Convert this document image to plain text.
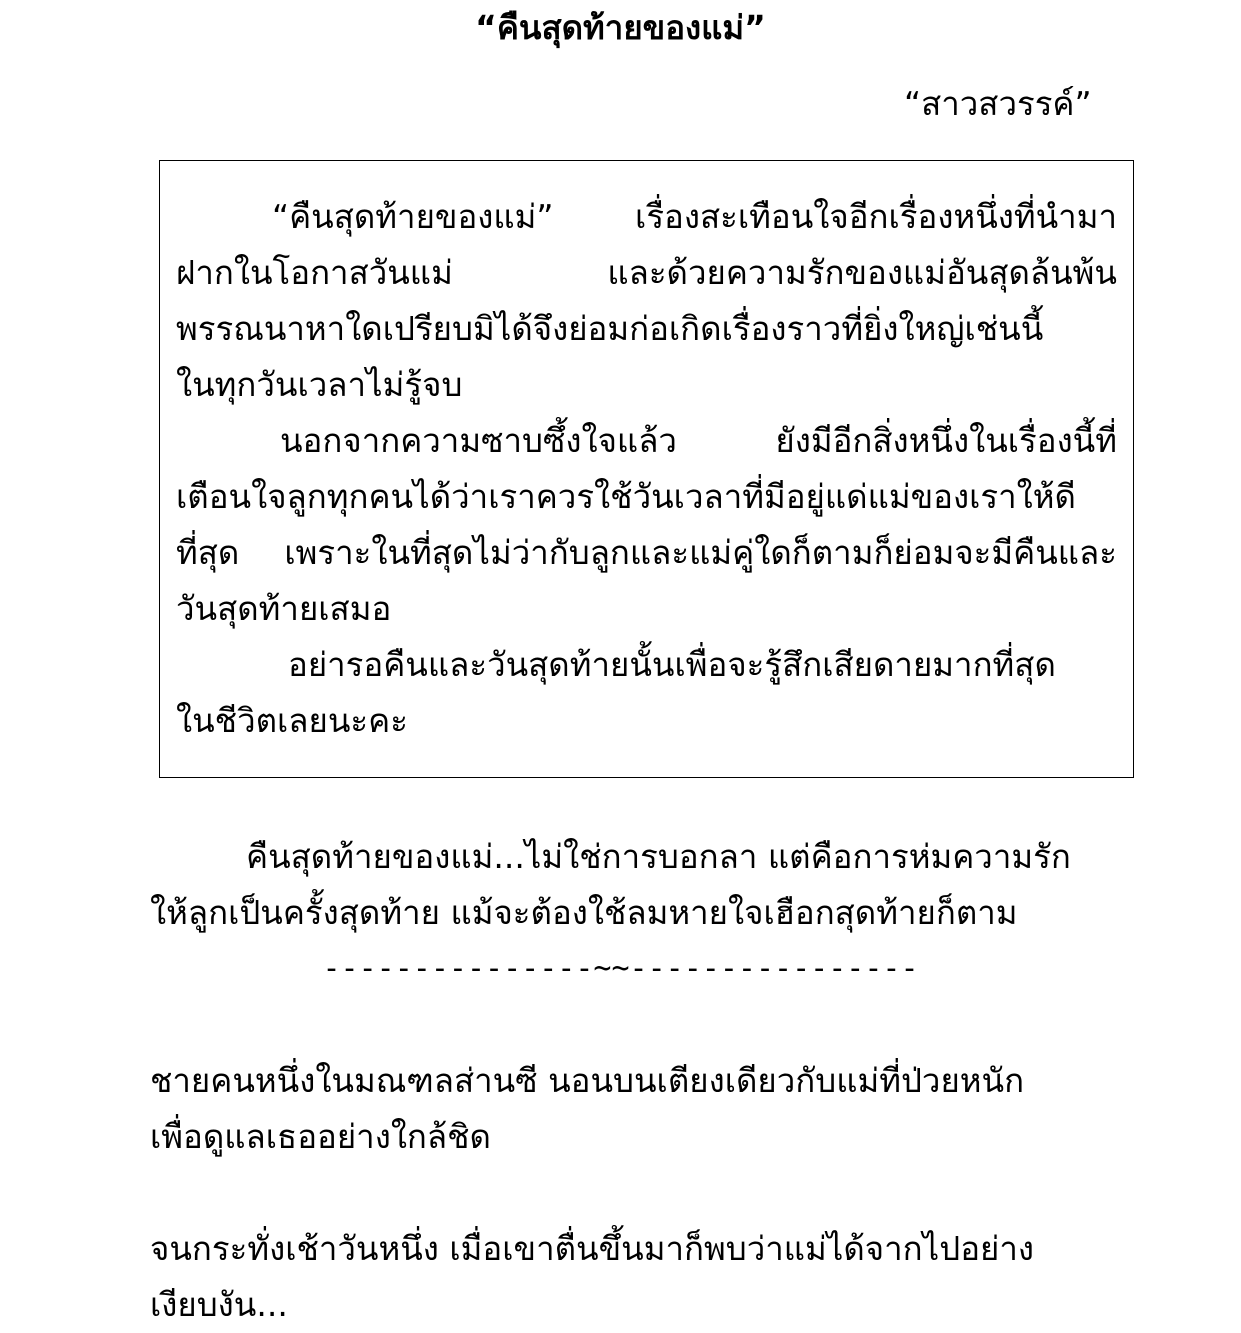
“คืนสุดท้ายของแม่”
“สาวสวรรค์”
“คืนสุดท้ายของแม่” เรื่องสะเทือนใจอีกเรื่องหนึ่งที่นำมา
ฝากในโอกาสวันแม่ และด้วยความรักของแม่อันสุดล้นพ้น
พรรณนาหาใดเปรียบมิได้จึงย่อมก่อเกิดเรื่องราวที่ยิ่งใหญ่เช่นนี้
ในทุกวันเวลาไม่รู้จบ
นอกจากความซาบซึ้งใจแล้ว ยังมีอีกสิ่งหนึ่งในเรื่องนี้ที่
เตือนใจลูกทุกคนได้ว่าเราควรใช้วันเวลาที่มีอยู่แด่แม่ของเราให้ดี
ที่สุด เพราะในที่สุดไม่ว่ากับลูกและแม่คู่ใดก็ตามก็ย่อมจะมีคืนและ
วันสุดท้ายเสมอ
อย่ารอคืนและวันสุดท้ายนั้นเพื่อจะรู้สึกเสียดายมากที่สุด
ในชีวิตเลยนะคะ
คืนสุดท้ายของแม่...ไม่ใช่การบอกลา แต่คือการห่มความรัก
ให้ลูกเป็นครั้งสุดท้าย แม้จะต้องใช้ลมหายใจเฮือกสุดท้ายก็ตาม
---------------~~----------------
ชายคนหนึ่งในมณฑลส่านซี นอนบนเตียงเดียวกับแม่ที่ป่วยหนัก
เพื่อดูแลเธออย่างใกล้ชิด
จนกระทั่งเช้าวันหนึ่ง เมื่อเขาตื่นขึ้นมาก็พบว่าแม่ได้จากไปอย่าง
เงียบงัน...
